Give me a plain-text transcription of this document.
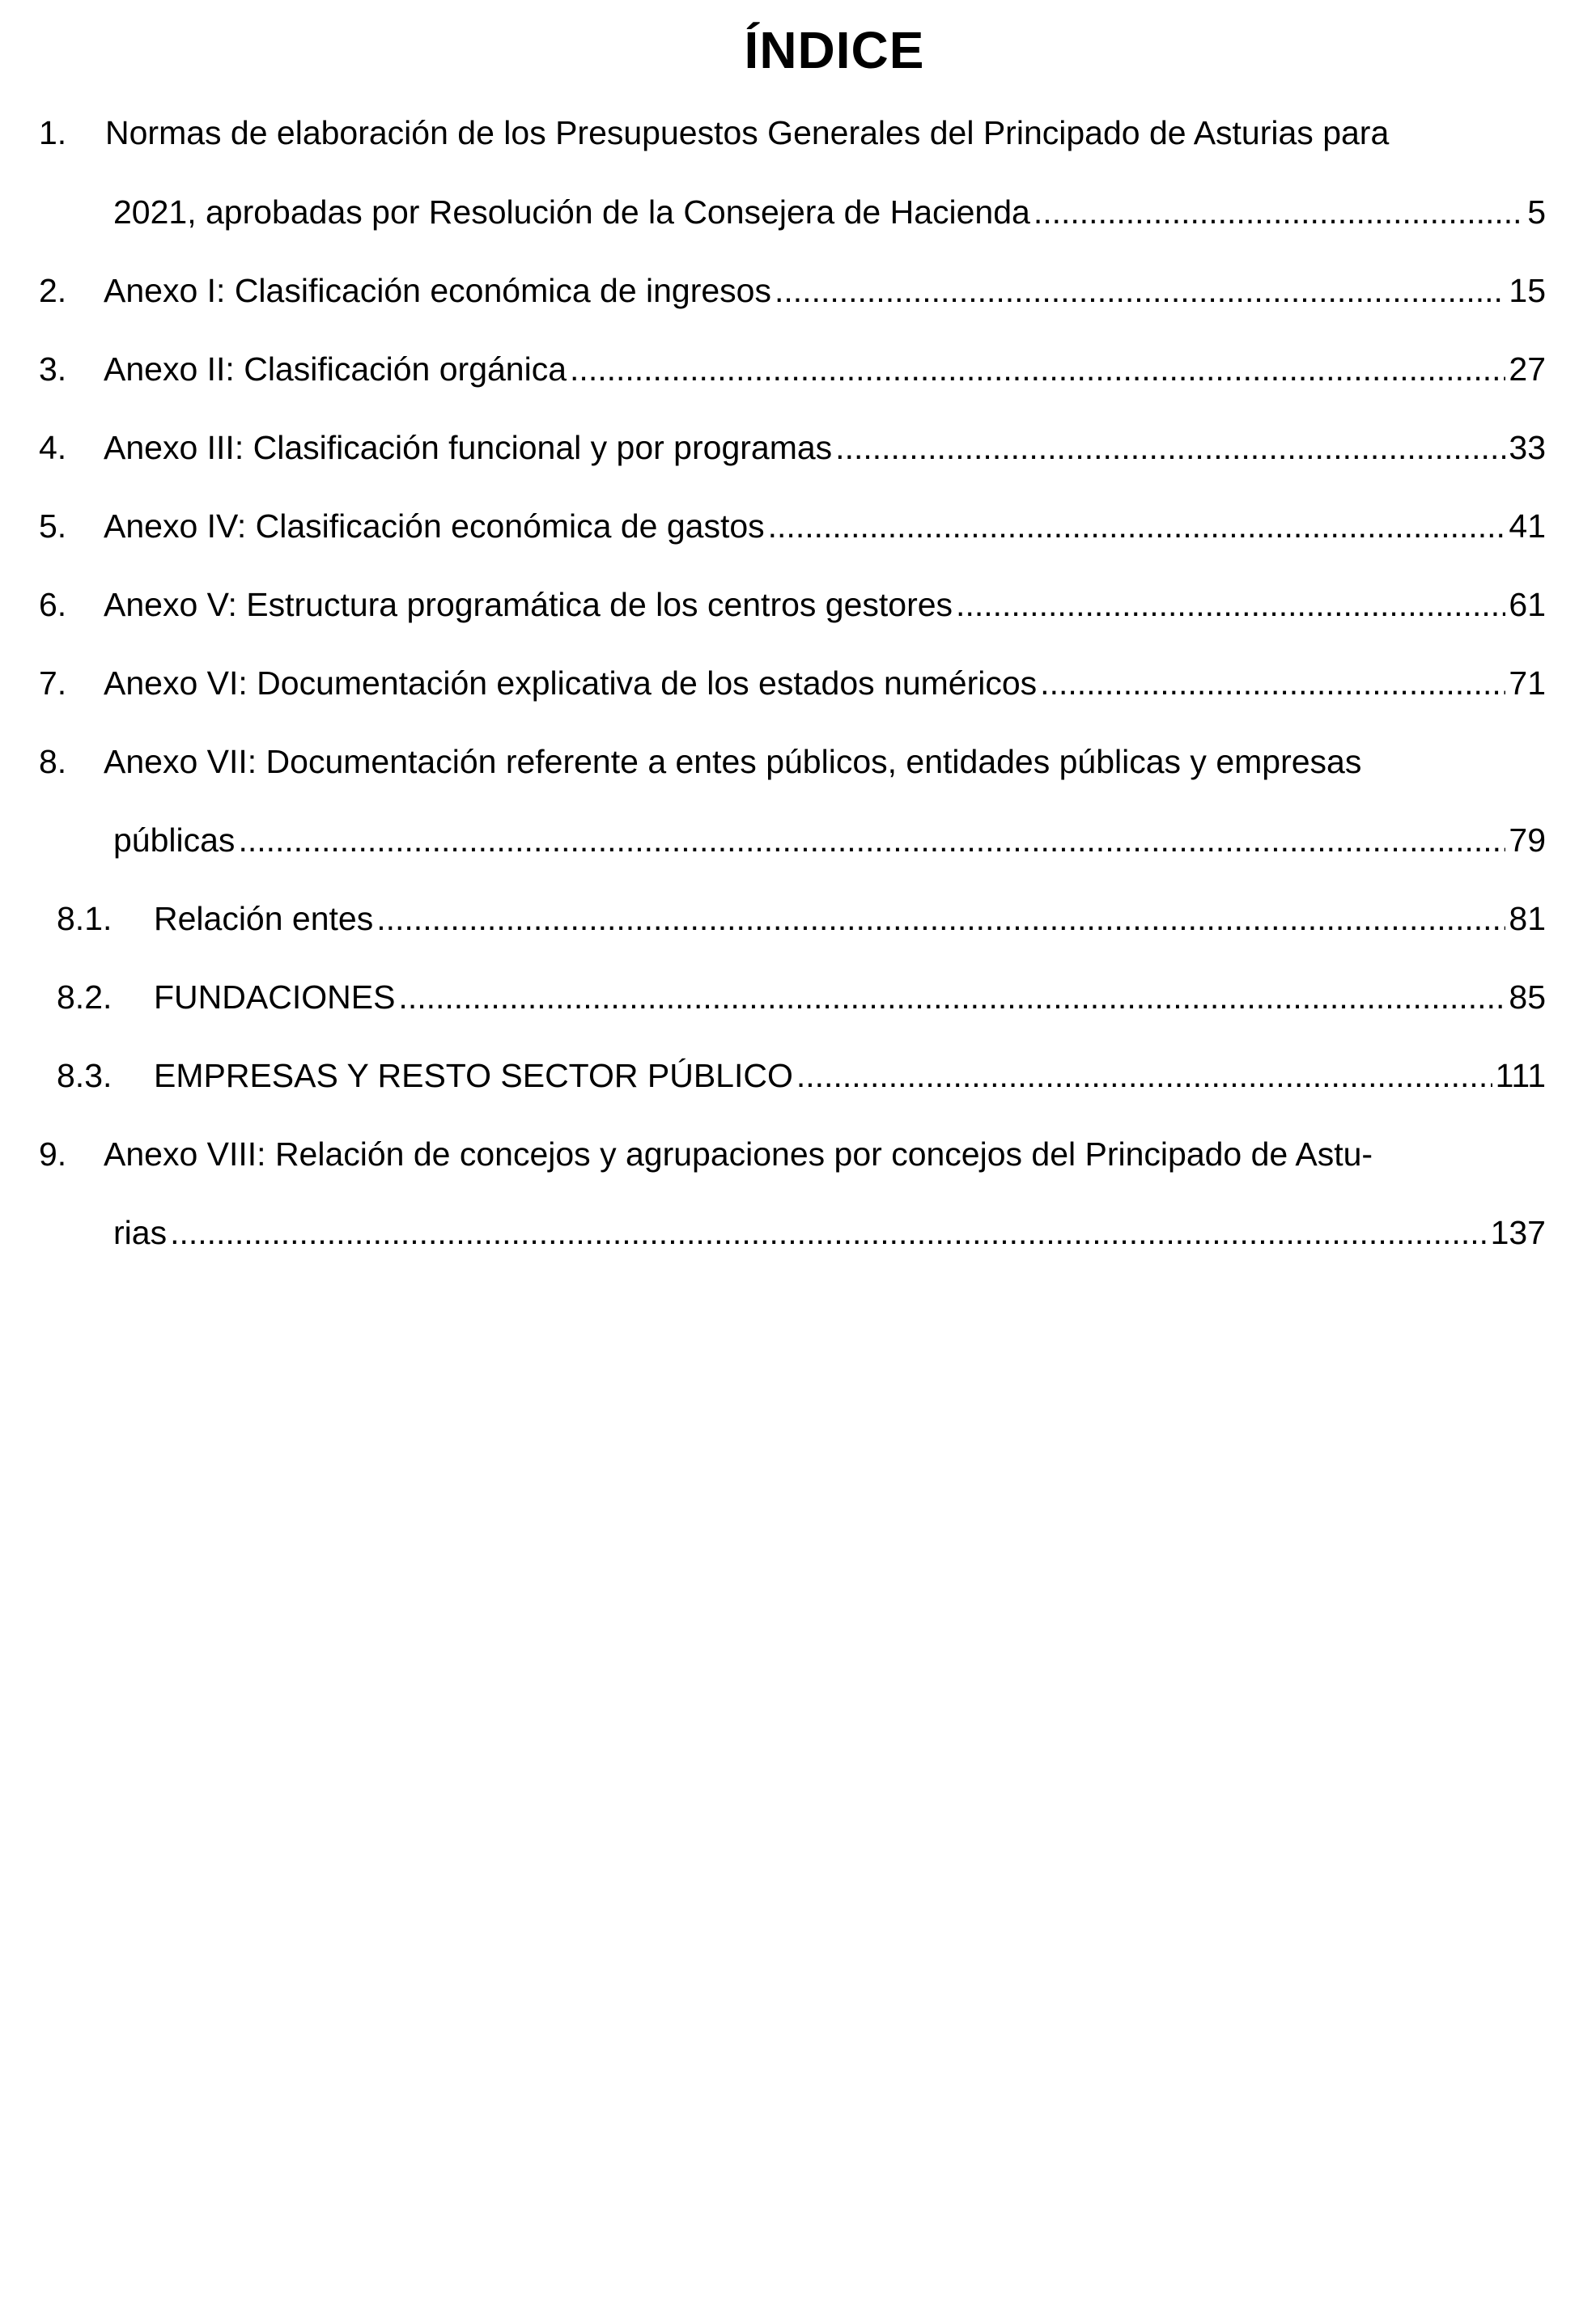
ÍNDICE
1.	Normas de elaboración de los Presupuestos Generales del Principado de Asturias para
2021, aprobadas por Resolución de la Consejera de Hacienda .....	5
2.	Anexo I: Clasificación económica de ingresos .....	15
3.	Anexo II: Clasificación orgánica .....	27
4.	Anexo III: Clasificación funcional y por programas .....	33
5.	Anexo IV: Clasificación económica de gastos .....	41
6.	Anexo V: Estructura programática de los centros gestores .....	61
7.	Anexo VI: Documentación explicativa de los estados numéricos .....	71
8.	Anexo VII: Documentación referente a entes públicos, entidades públicas y empresas
públicas .....	79
8.1.	Relación entes .....	81
8.2.	FUNDACIONES .....	85
8.3.	EMPRESAS Y RESTO SECTOR PÚBLICO .....	111
9.	Anexo VIII: Relación de concejos y agrupaciones por concejos del Principado de Astu-
rias .....	137
